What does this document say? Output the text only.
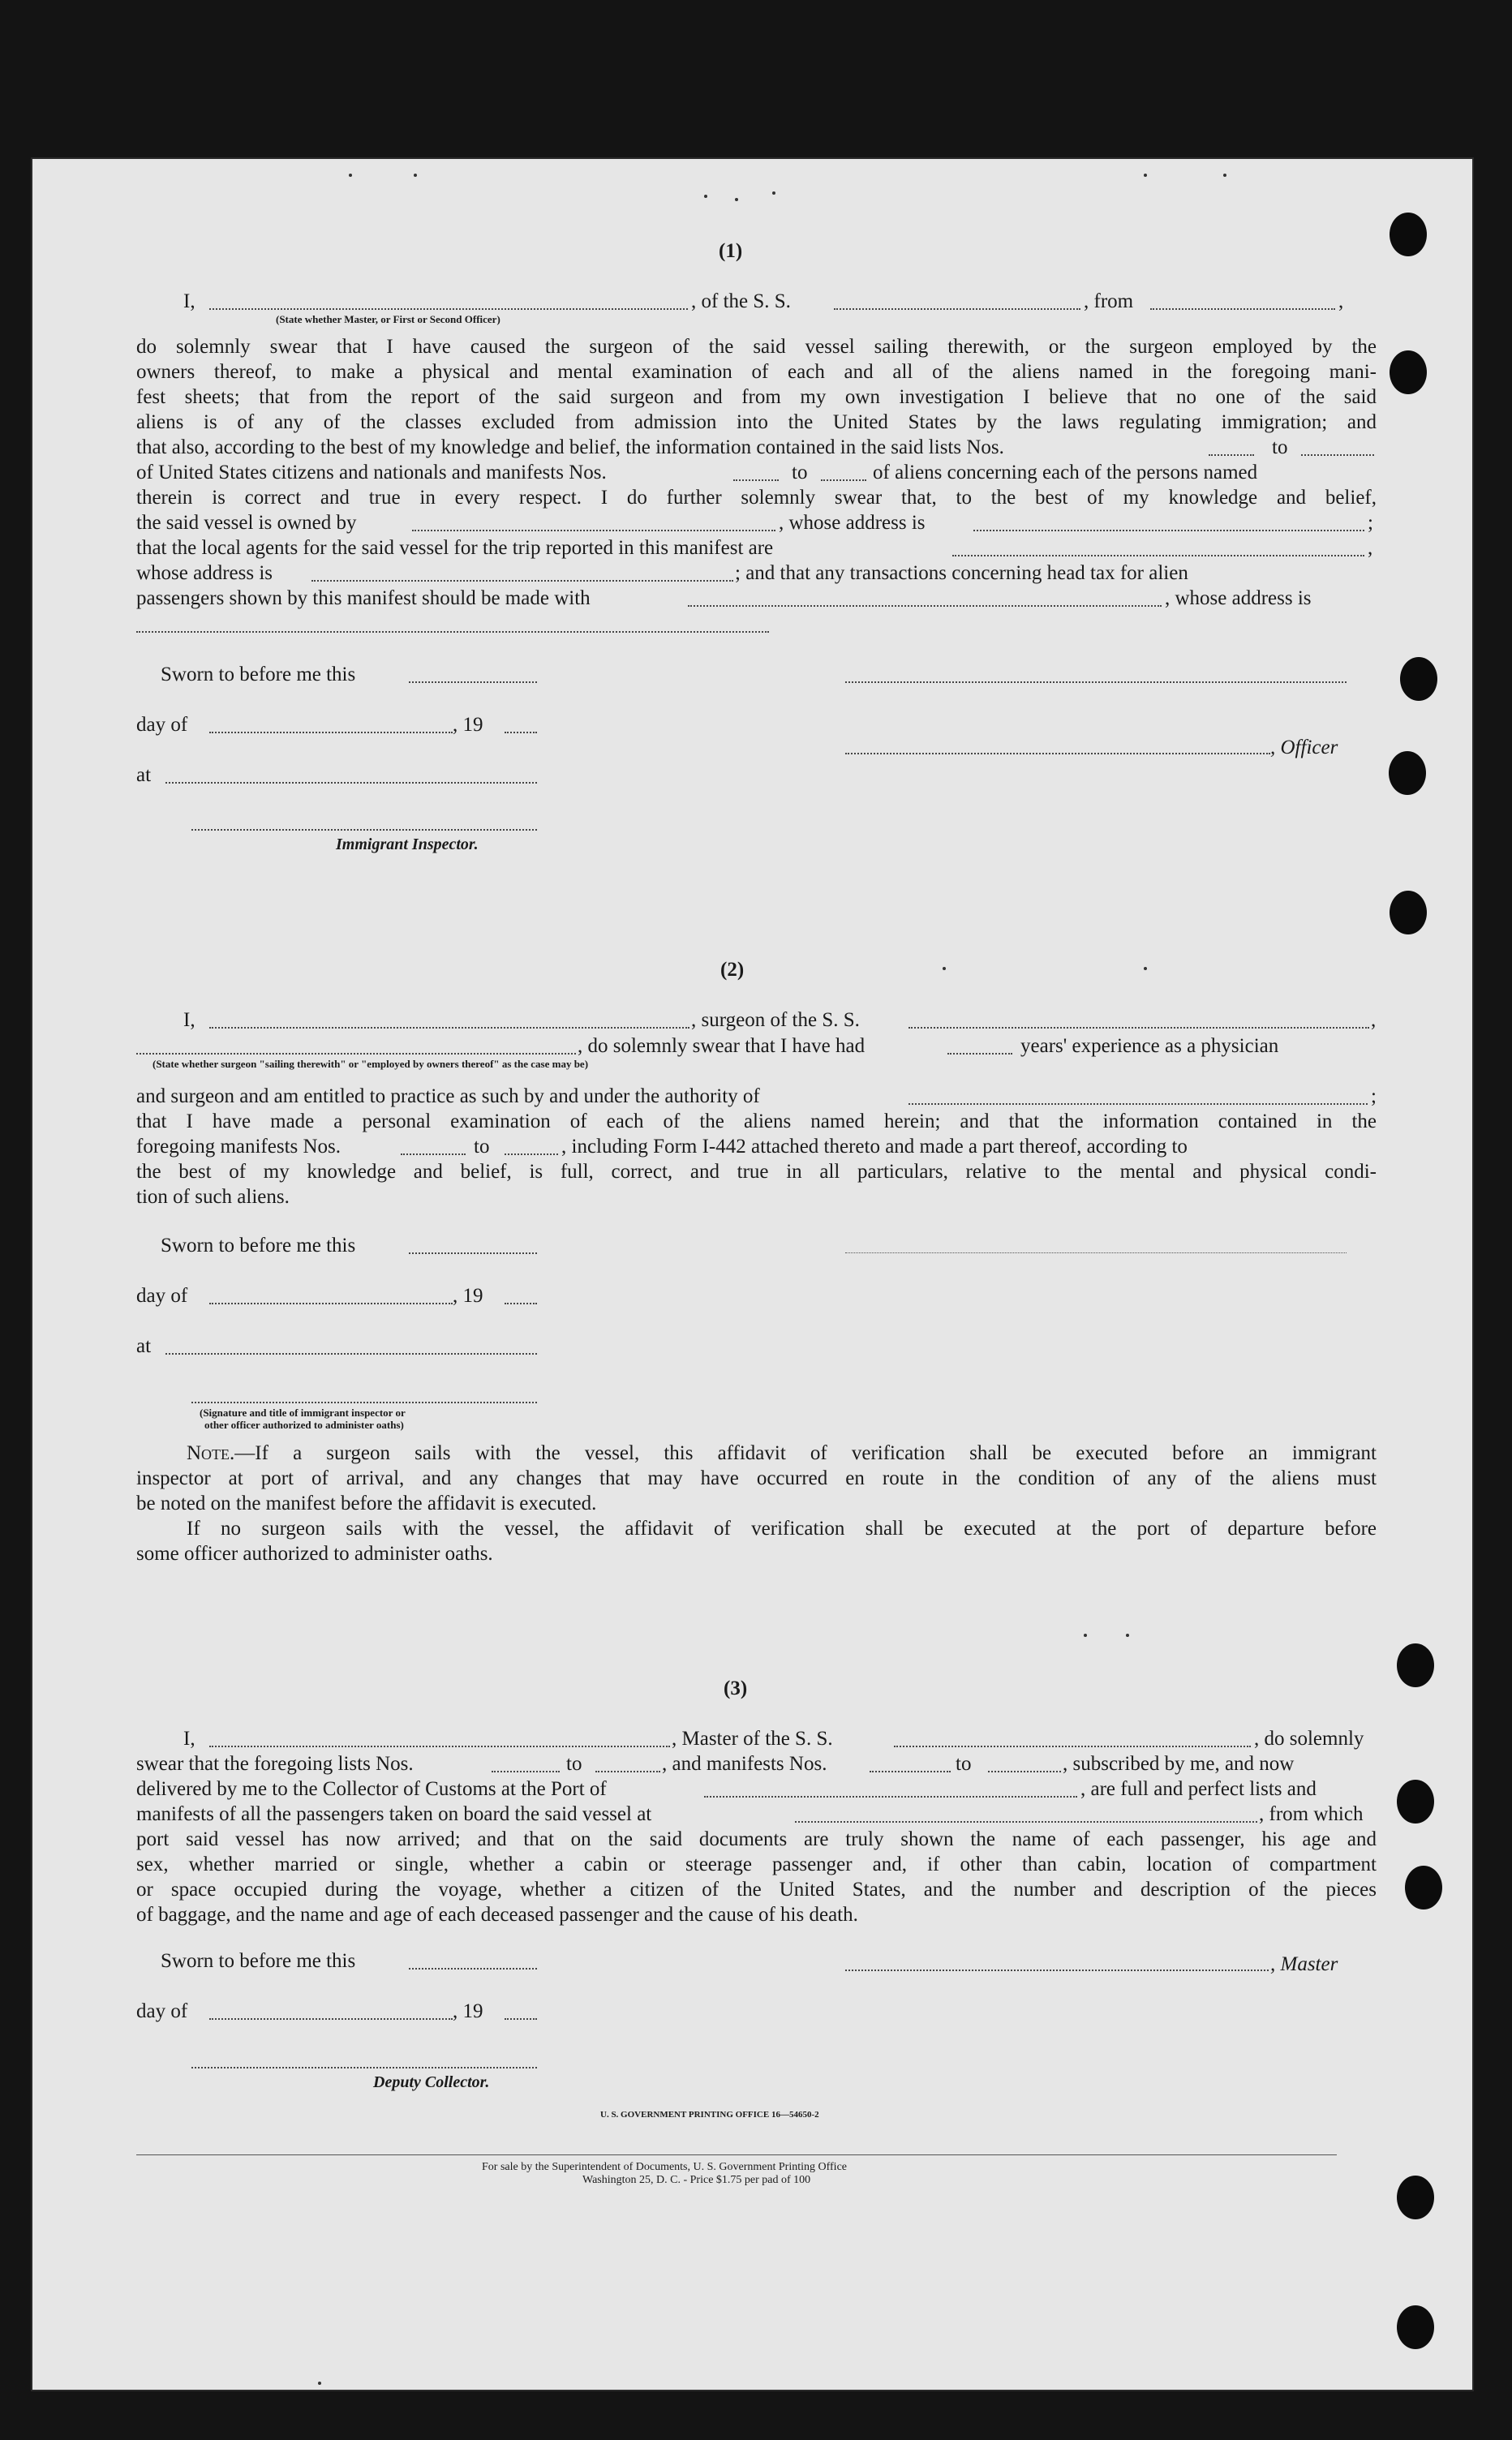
(1)
I,	, of the S. S.	, from	,
(State whether Master, or First or Second Officer)
do solemnly swear that I have caused the surgeon of the said vessel sailing therewith, or the surgeon employed by the
owners thereof, to make a physical and mental examination of each and all of the aliens named in the foregoing mani-
fest sheets; that from the report of the said surgeon and from my own investigation I believe that no one of the said
aliens is of any of the classes excluded from admission into the United States by the laws regulating immigration; and
that also, according to the best of my knowledge and belief, the information contained in the said lists Nos.	to
of United States citizens and nationals and manifests Nos.	to	of aliens concerning each of the persons named
therein is correct and true in every respect. I do further solemnly swear that, to the best of my knowledge and belief,
the said vessel is owned by	, whose address is	;
that the local agents for the said vessel for the trip reported in this manifest are	,
whose address is	; and that any transactions concerning head tax for alien
passengers shown by this manifest should be made with	, whose address is
Sworn to before me this
day of	, 19
, Officer
at
Immigrant Inspector.
(2)
I,	, surgeon of the S. S.	,
, do solemnly swear that I have had	years' experience as a physician
(State whether surgeon "sailing therewith" or "employed by owners thereof" as the case may be)
and surgeon and am entitled to practice as such by and under the authority of	;
that I have made a personal examination of each of the aliens named herein; and that the information contained in the
foregoing manifests Nos.	to	, including Form I-442 attached thereto and made a part thereof, according to
the best of my knowledge and belief, is full, correct, and true in all particulars, relative to the mental and physical condi-
tion of such aliens.
Sworn to before me this
day of	, 19
at
(Signature and title of immigrant inspector or
other officer authorized to administer oaths)
Note.—If a surgeon sails with the vessel, this affidavit of verification shall be executed before an immigrant
inspector at port of arrival, and any changes that may have occurred en route in the condition of any of the aliens must
be noted on the manifest before the affidavit is executed.
If no surgeon sails with the vessel, the affidavit of verification shall be executed at the port of departure before
some officer authorized to administer oaths.
(3)
I,	, Master of the S. S.	, do solemnly
swear that the foregoing lists Nos.	to	, and manifests Nos.	to	, subscribed by me, and now
delivered by me to the Collector of Customs at the Port of	, are full and perfect lists and
manifests of all the passengers taken on board the said vessel at	, from which
port said vessel has now arrived; and that on the said documents are truly shown the name of each passenger, his age and
sex, whether married or single, whether a cabin or steerage passenger and, if other than cabin, location of compartment
or space occupied during the voyage, whether a citizen of the United States, and the number and description of the pieces
of baggage, and the name and age of each deceased passenger and the cause of his death.
Sworn to before me this	, Master
day of	, 19
Deputy Collector.
U. S. GOVERNMENT PRINTING OFFICE 16—54650-2
For sale by the Superintendent of Documents, U. S. Government Printing Office
Washington 25, D. C. - Price $1.75 per pad of 100
